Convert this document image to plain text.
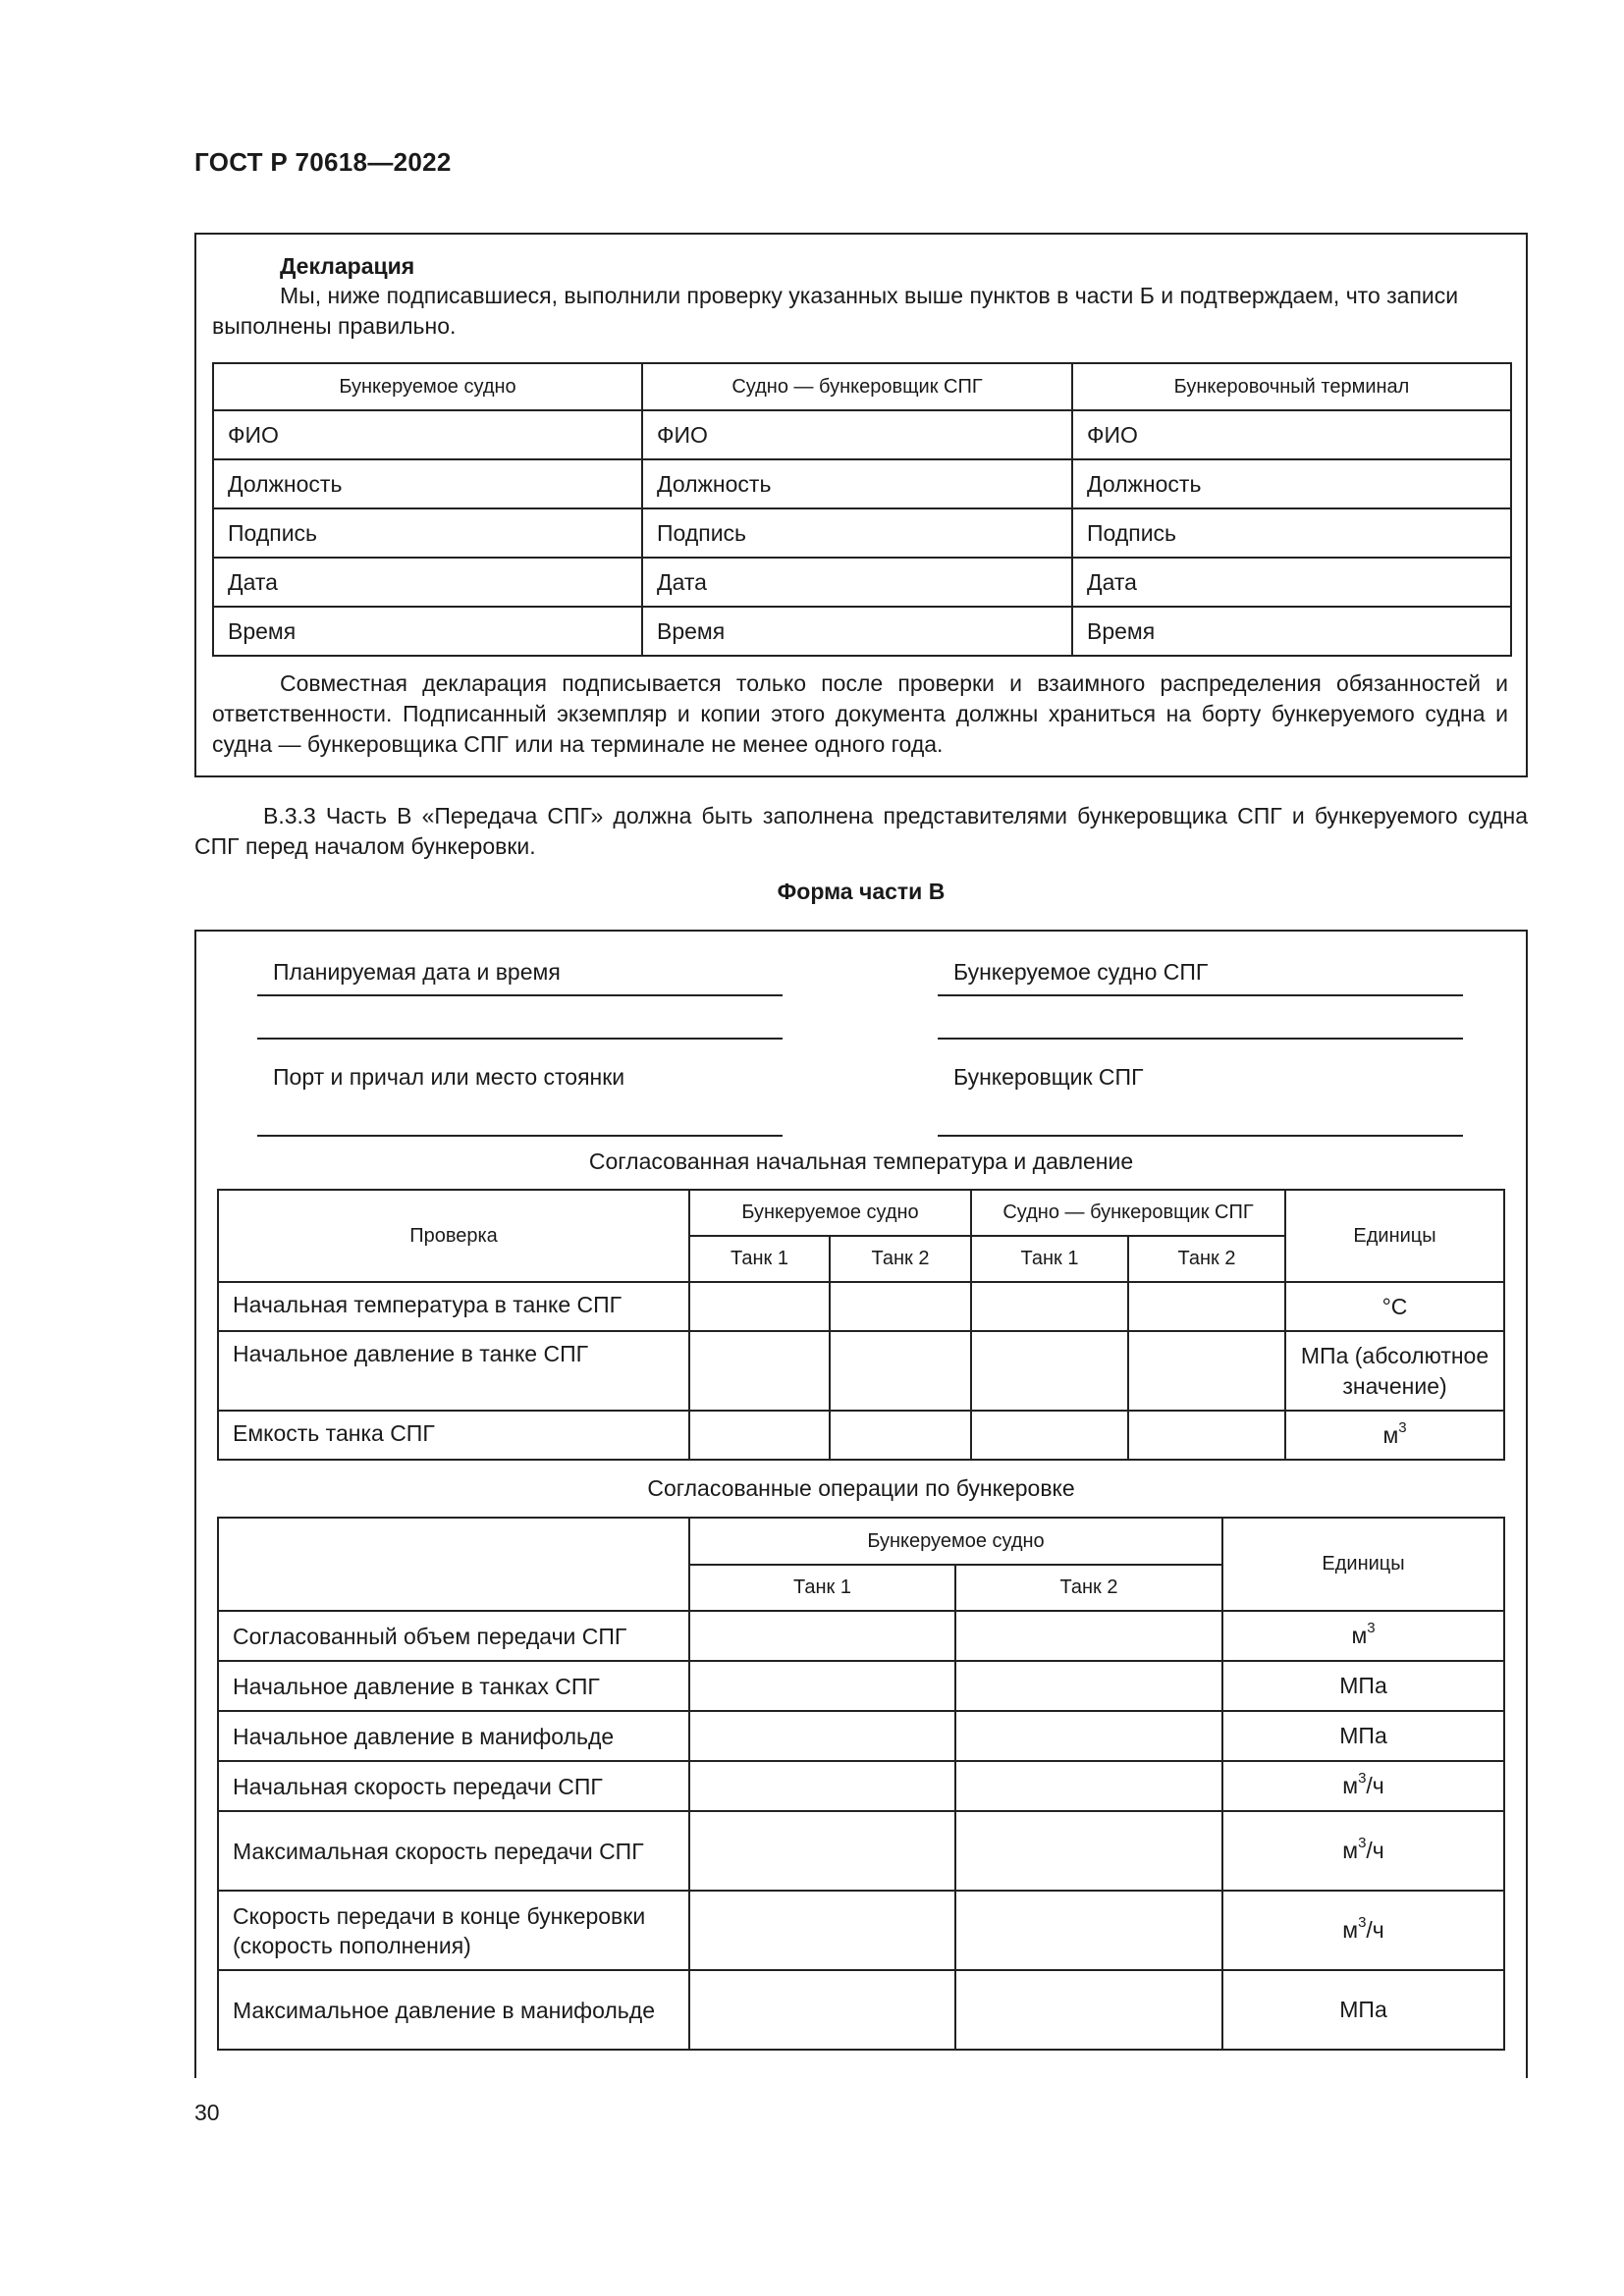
ГОСТ Р 70618—2022
Декларация
Мы, ниже подписавшиеся, выполнили проверку указанных выше пунктов в части Б и подтверждаем, что записи выполнены правильно.
Бункеруемое судно	Судно — бункеровщик СПГ	Бункеровочный терминал
ФИО	ФИО	ФИО
Должность	Должность	Должность
Подпись	Подпись	Подпись
Дата	Дата	Дата
Время	Время	Время
Совместная декларация подписывается только после проверки и взаимного распределения обязанностей и ответственности. Подписанный экземпляр и копии этого документа должны храниться на борту бункеруемого судна и судна — бункеровщика СПГ или на терминале не менее одного года.
В.3.3 Часть В «Передача СПГ» должна быть заполнена представителями бункеровщика СПГ и бункеруемого судна СПГ перед началом бункеровки.
Форма части В
Планируемая дата и время	Бункеруемое судно СПГ
Порт и причал или место стоянки	Бункеровщик СПГ
Согласованная начальная температура и давление
Проверка	Бункеруемое судно		Судно — бункеровщик СПГ		Единицы
	Танк 1	Танк 2	Танк 1	Танк 2	
Начальная температура в танке СПГ					°С
Начальное давление в танке СПГ					МПа (абсолютное значение)
Емкость танка СПГ					$м^3$
Согласованные операции по бункеровке
	Бункеруемое судно		Единицы
	Танк 1	Танк 2	
Согласованный объем передачи СПГ			$м^3$
Начальное давление в танках СПГ			МПа
Начальное давление в манифольде			МПа
Начальная скорость передачи СПГ			$м^3/ч$
Максимальная скорость передачи СПГ			$м^3/ч$
Скорость передачи в конце бункеровки (скорость пополнения)			$м^3/ч$
Максимальное давление в манифольде			МПа
30
